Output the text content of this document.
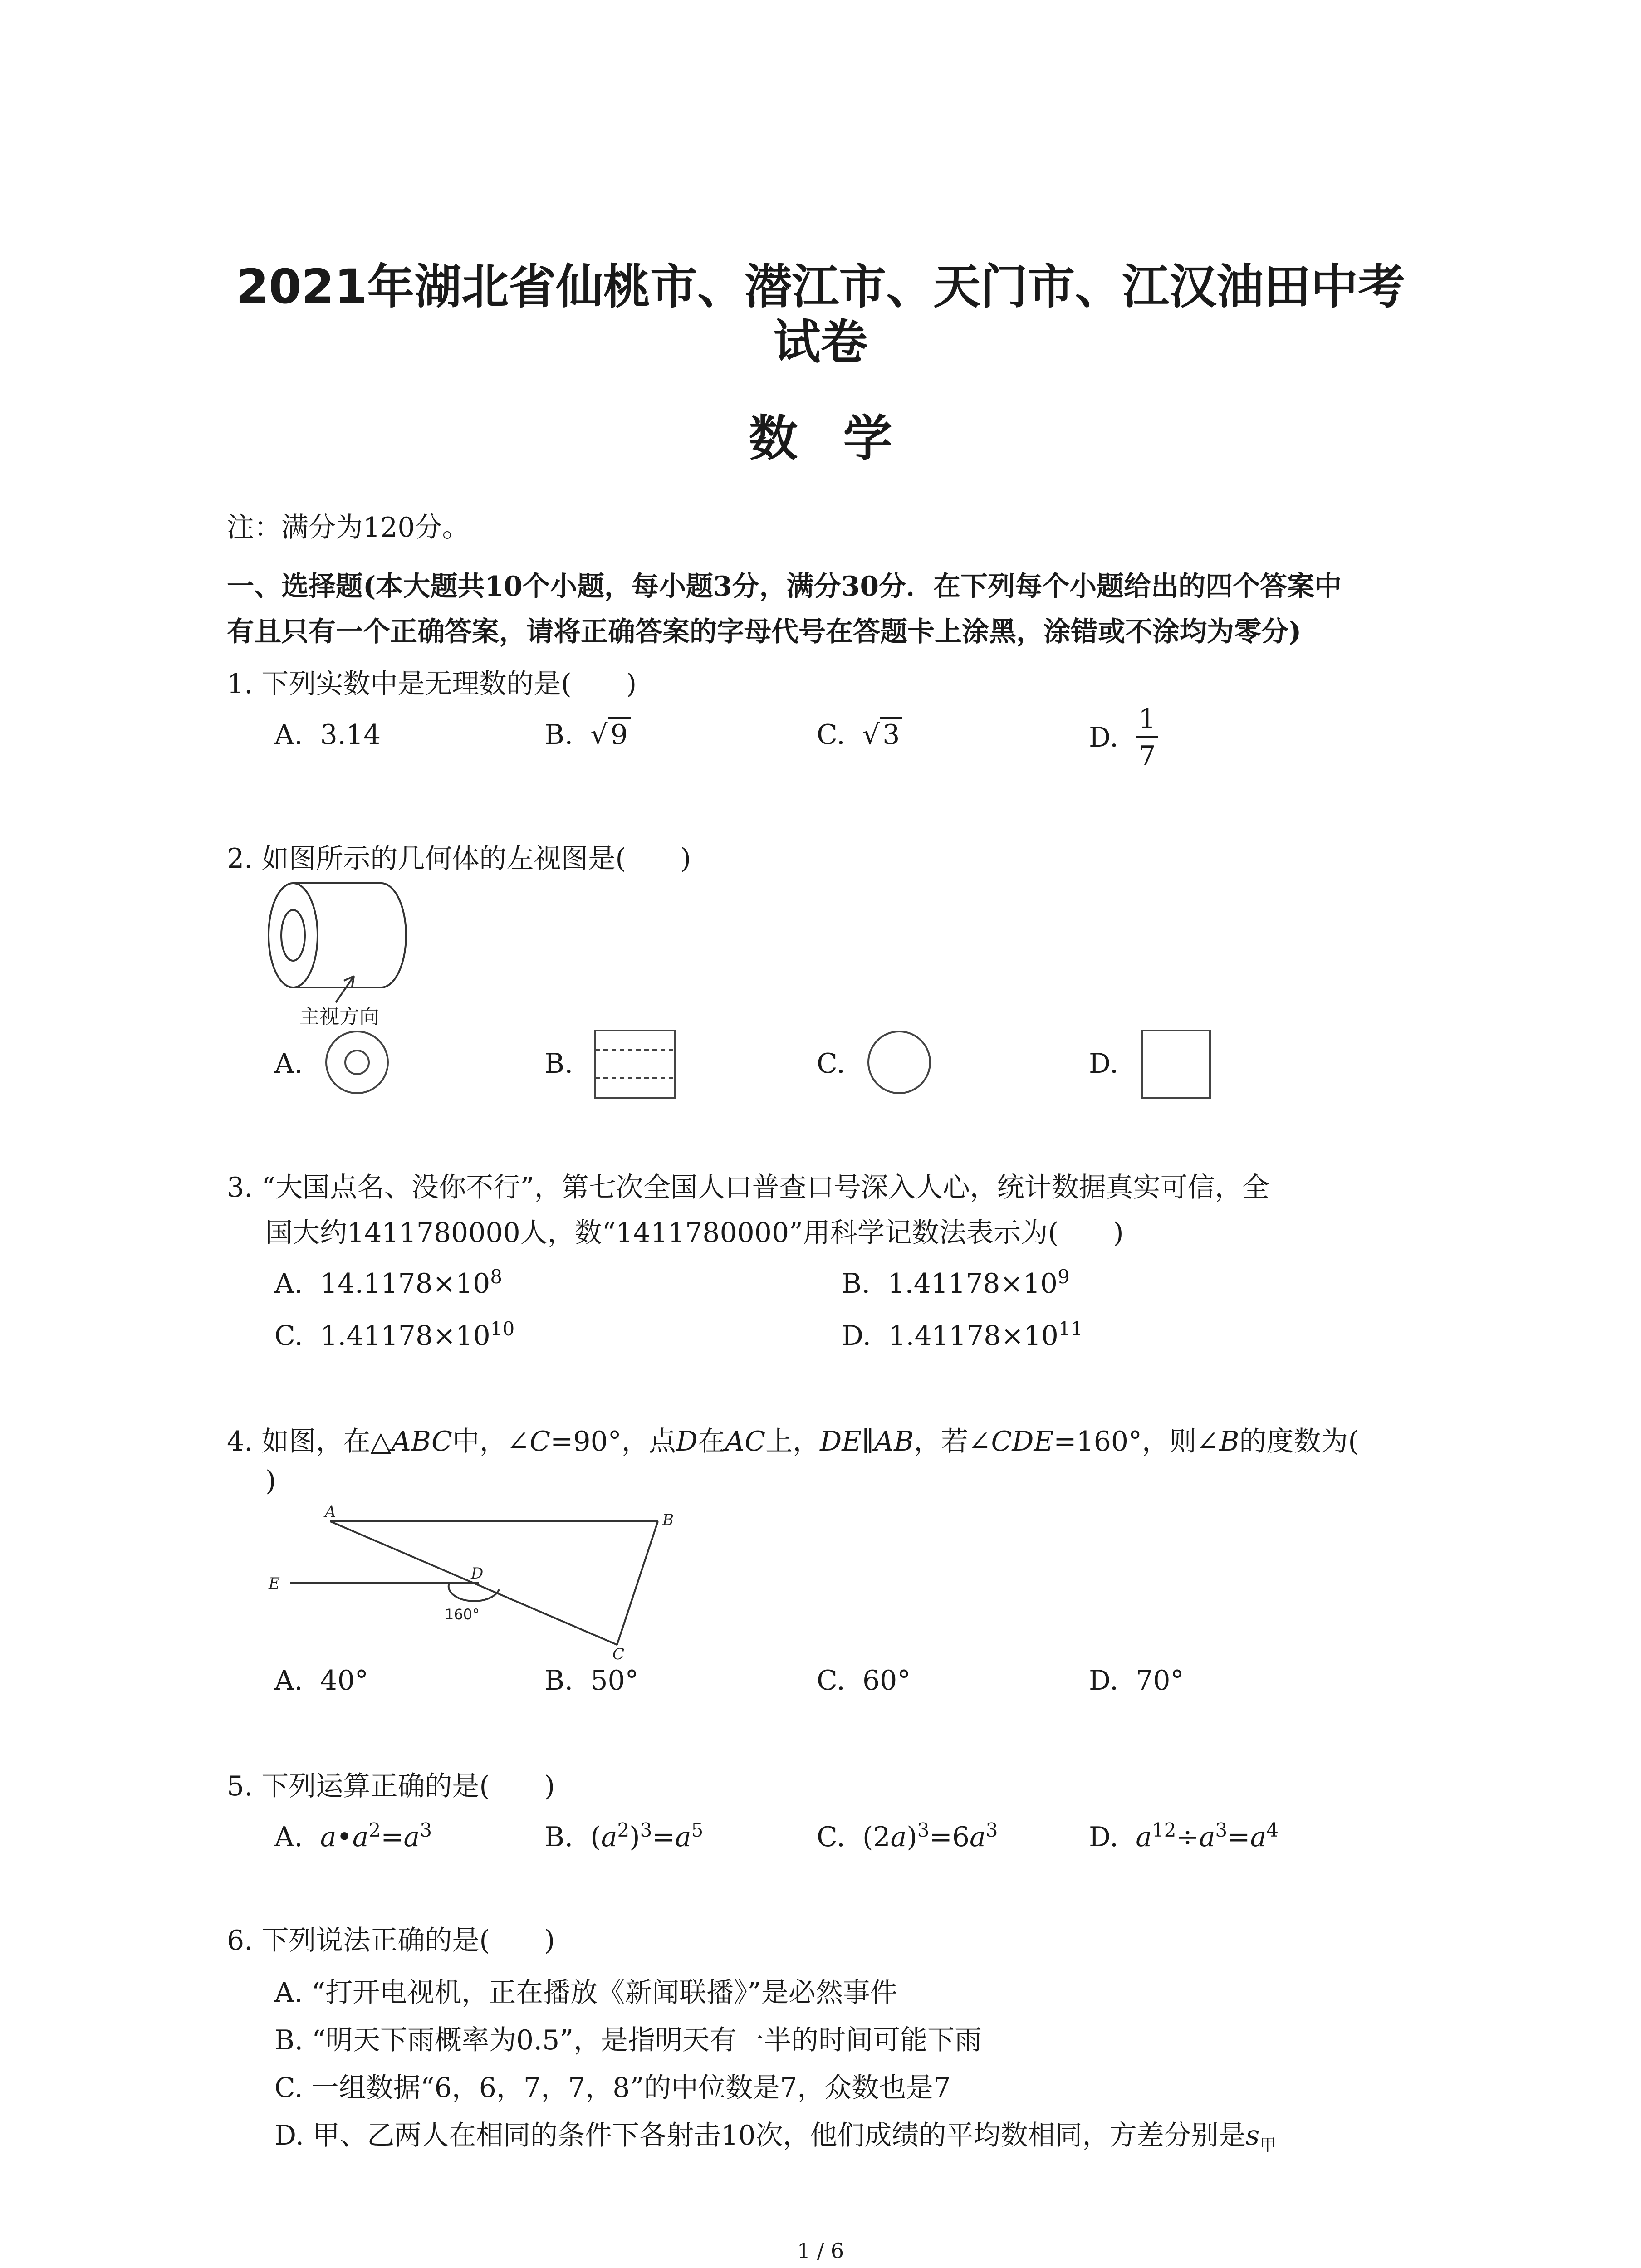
2021年湖北省仙桃市、潜江市、天门市、江汉油田中考
试卷
数学
注：满分为120分。
一、选择题(本大题共10个小题，每小题3分，满分30分．在下列每个小题给出的四个答案中
有且只有一个正确答案，请将正确答案的字母代号在答题卡上涂黑，涂错或不涂均为零分)
1. 下列实数中是无理数的是(　　)
A. 3.14	B.  √ 9	C.  √ 3	D. $\frac{1}{7}$
2. 如图所示的几何体的左视图是(　　)
主视方向
A.	B.	C.	D.
3. “大国点名、没你不行”，第七次全国人口普查口号深入人心，统计数据真实可信，全
国大约1411780000人，数“1411780000”用科学记数法表示为(　　)
A. $14.1178\times 10^8$	B. $1.41178\times 10^9$
C. $1.41178\times 10^{10}$	D. $1.41178\times 10^{11}$
4. 如图，在△ABC中，∠C=90°，点D在AC上，DE∥AB，若∠CDE=160°，则∠B的度数为(
)
A	B
C
D
E
160°
A. 40°	B. 50°	C. 60°	D. 70°
5. 下列运算正确的是(　　)
A. $a•a^2=a^3$	B.  $(a^2)^3=a^5$	C.  $(2a)^3=6a^3$	D. $a^{12}\div a^3=a^4$
6. 下列说法正确的是(　　)
A. “打开电视机，正在播放《新闻联播》”是必然事件
B. “明天下雨概率为0.5”，是指明天有一半的时间可能下雨
C. 一组数据“6，6，7，7，8”的中位数是7，众数也是7
D. 甲、乙两人在相同的条件下各射击10次，他们成绩的平均数相同，方差分别是$s_甲$
1 / 6
